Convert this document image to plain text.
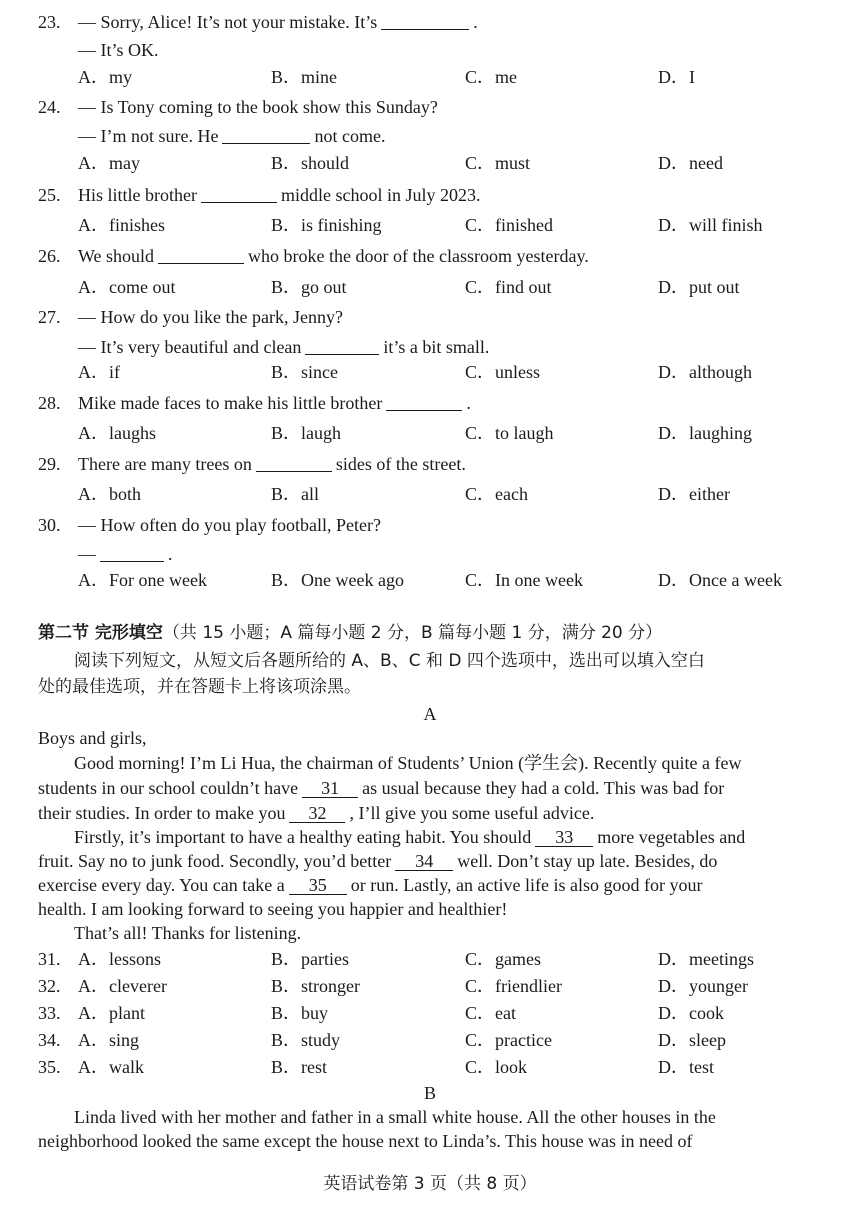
23. — Sorry, Alice! It’s not your mistake. It’s	.
— It’s OK.
A．my	B．mine	C．me	D．I
24. — Is Tony coming to the book show this Sunday?
— I’m not sure. He	not come.
A．may	B．should	C．must	D．need
25. His little brother	middle school in July 2023.
A．finishes	B．is finishing	C．finished	D．will finish
26. We should	who broke the door of the classroom yesterday.
A．come out	B．go out	C．find out	D．put out
27. — How do you like the park, Jenny?
— It’s very beautiful and clean	it’s a bit small.
A．if	B．since	C．unless	D．although
28. Mike made faces to make his little brother	.
A．laughs	B．laugh	C．to laugh	D．laughing
29. There are many trees on	sides of the street.
A．both	B．all	C．each	D．either
30. — How often do you play football, Peter?
—	.
A．For one week	B．One week ago	C．In one week	D．Once a week
第二节 完形填空（共 15 小题；A 篇每小题 2 分，B 篇每小题 1 分，满分 20 分）
阅读下列短文，从短文后各题所给的 A、B、C 和 D 四个选项中，选出可以填入空白
处的最佳选项，并在答题卡上将该项涂黑。
A
Boys and girls,
Good morning! I’m Li Hua, the chairman of Students’ Union (学生会). Recently quite a few
students in our school couldn’t have 31 as usual because they had a cold. This was bad for
their studies. In order to make you 32 , I’ll give you some useful advice.
Firstly, it’s important to have a healthy eating habit. You should 33 more vegetables and
fruit. Say no to junk food. Secondly, you’d better 34 well. Don’t stay up late. Besides, do
exercise every day. You can take a 35 or run. Lastly, an active life is also good for your
health. I am looking forward to seeing you happier and healthier!
That’s all! Thanks for listening.
31. A．lessons	B．parties	C．games	D．meetings
32. A．cleverer	B．stronger	C．friendlier	D．younger
33. A．plant	B．buy	C．eat	D．cook
34. A．sing	B．study	C．practice	D．sleep
35. A．walk	B．rest	C．look	D．test
B
Linda lived with her mother and father in a small white house. All the other houses in the
neighborhood looked the same except the house next to Linda’s. This house was in need of
英语试卷第 3 页（共 8 页）
